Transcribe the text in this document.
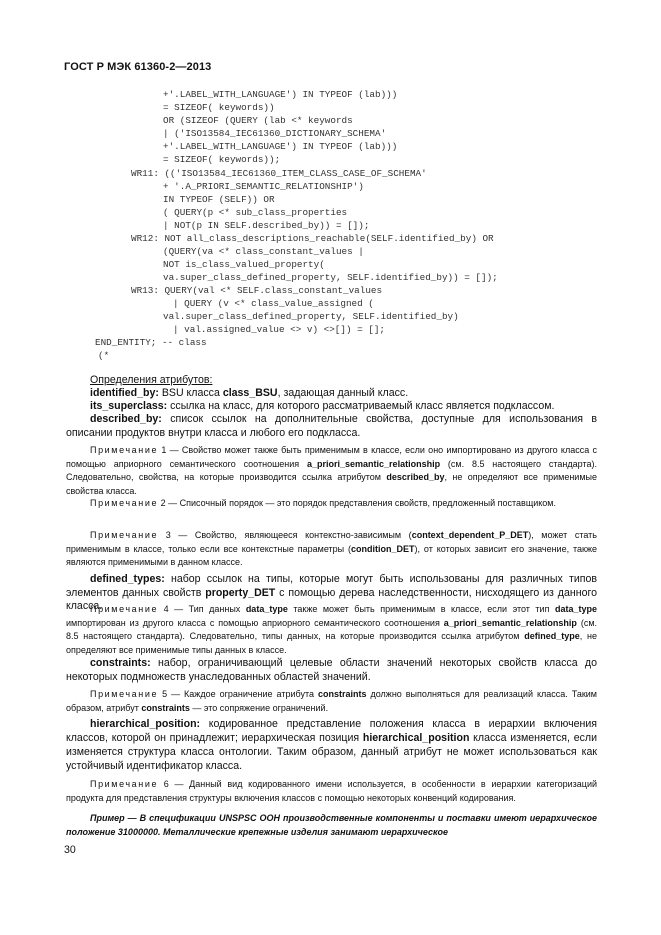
ГОСТ Р МЭК 61360-2—2013
+'.LABEL_WITH_LANGUAGE') IN TYPEOF (lab)))
= SIZEOF( keywords))
OR (SIZEOF (QUERY (lab <* keywords
| ('ISO13584_IEC61360_DICTIONARY_SCHEMA'
+'.LABEL_WITH_LANGUAGE') IN TYPEOF (lab)))
= SIZEOF( keywords));
WR11: (('ISO13584_IEC61360_ITEM_CLASS_CASE_OF_SCHEMA'
+ '.A_PRIORI_SEMANTIC_RELATIONSHIP')
IN TYPEOF (SELF)) OR
( QUERY(p <* sub_class_properties
| NOT(p IN SELF.described_by)) = []);
WR12: NOT all_class_descriptions_reachable(SELF.identified_by) OR
(QUERY(va <* class_constant_values |
NOT is_class_valued_property(
va.super_class_defined_property, SELF.identified_by)) = []);
WR13: QUERY(val <* SELF.class_constant_values
| QUERY (v <* class_value_assigned (
val.super_class_defined_property, SELF.identified_by)
| val.assigned_value <> v) <>[]) = [];
END_ENTITY; -- class
(*
Определения атрибутов:
identified_by: BSU класса class_BSU, задающая данный класс.
its_superclass: ссылка на класс, для которого рассматриваемый класс является подклассом.
described_by: список ссылок на дополнительные свойства, доступные для использования в описании продуктов внутри класса и любого его подкласса.
Примечание 1 — Свойство может также быть применимым в классе, если оно импортировано из другого класса с помощью априорного семантического соотношения a_priori_semantic_relationship (см. 8.5 настоящего стандарта). Следовательно, свойства, на которые производится ссылка атрибутом described_by, не определяют все применимые свойства класса.
Примечание 2 — Списочный порядок — это порядок представления свойств, предложенный поставщиком.
Примечание 3 — Свойство, являющееся контекстно-зависимым (context_dependent_P_DET), может стать применимым в классе, только если все контекстные параметры (condition_DET), от которых зависит его значение, также являются применимыми в данном классе.
defined_types: набор ссылок на типы, которые могут быть использованы для различных типов элементов данных свойств property_DET с помощью дерева наследственности, нисходящего из данного класса.
Примечание 4 — Тип данных data_type также может быть применимым в классе, если этот тип data_type импортирован из другого класса с помощью априорного семантического соотношения a_priori_semantic_relationship (см. 8.5 настоящего стандарта). Следовательно, типы данных, на которые производится ссылка атрибутом defined_type, не определяют все применимые типы данных в классе.
constraints: набор, ограничивающий целевые области значений некоторых свойств класса до некоторых подмножеств унаследованных областей значений.
Примечание 5 — Каждое ограничение атрибута constraints должно выполняться для реализаций класса. Таким образом, атрибут constraints — это сопряжение ограничений.
hierarchical_position: кодированное представление положения класса в иерархии включения классов, которой он принадлежит; иерархическая позиция hierarchical_position класса изменяется, если изменяется структура класса онтологии. Таким образом, данный атрибут не может использоваться как устойчивый идентификатор класса.
Примечание 6 — Данный вид кодированного имени используется, в особенности в иерархии категоризаций продукта для представления структуры включения классов с помощью некоторых конвенций кодирования.
Пример — В спецификации UNSPSC ООН производственные компоненты и поставки имеют иерархическое положение 31000000. Металлические крепежные изделия занимают иерархическое
30
